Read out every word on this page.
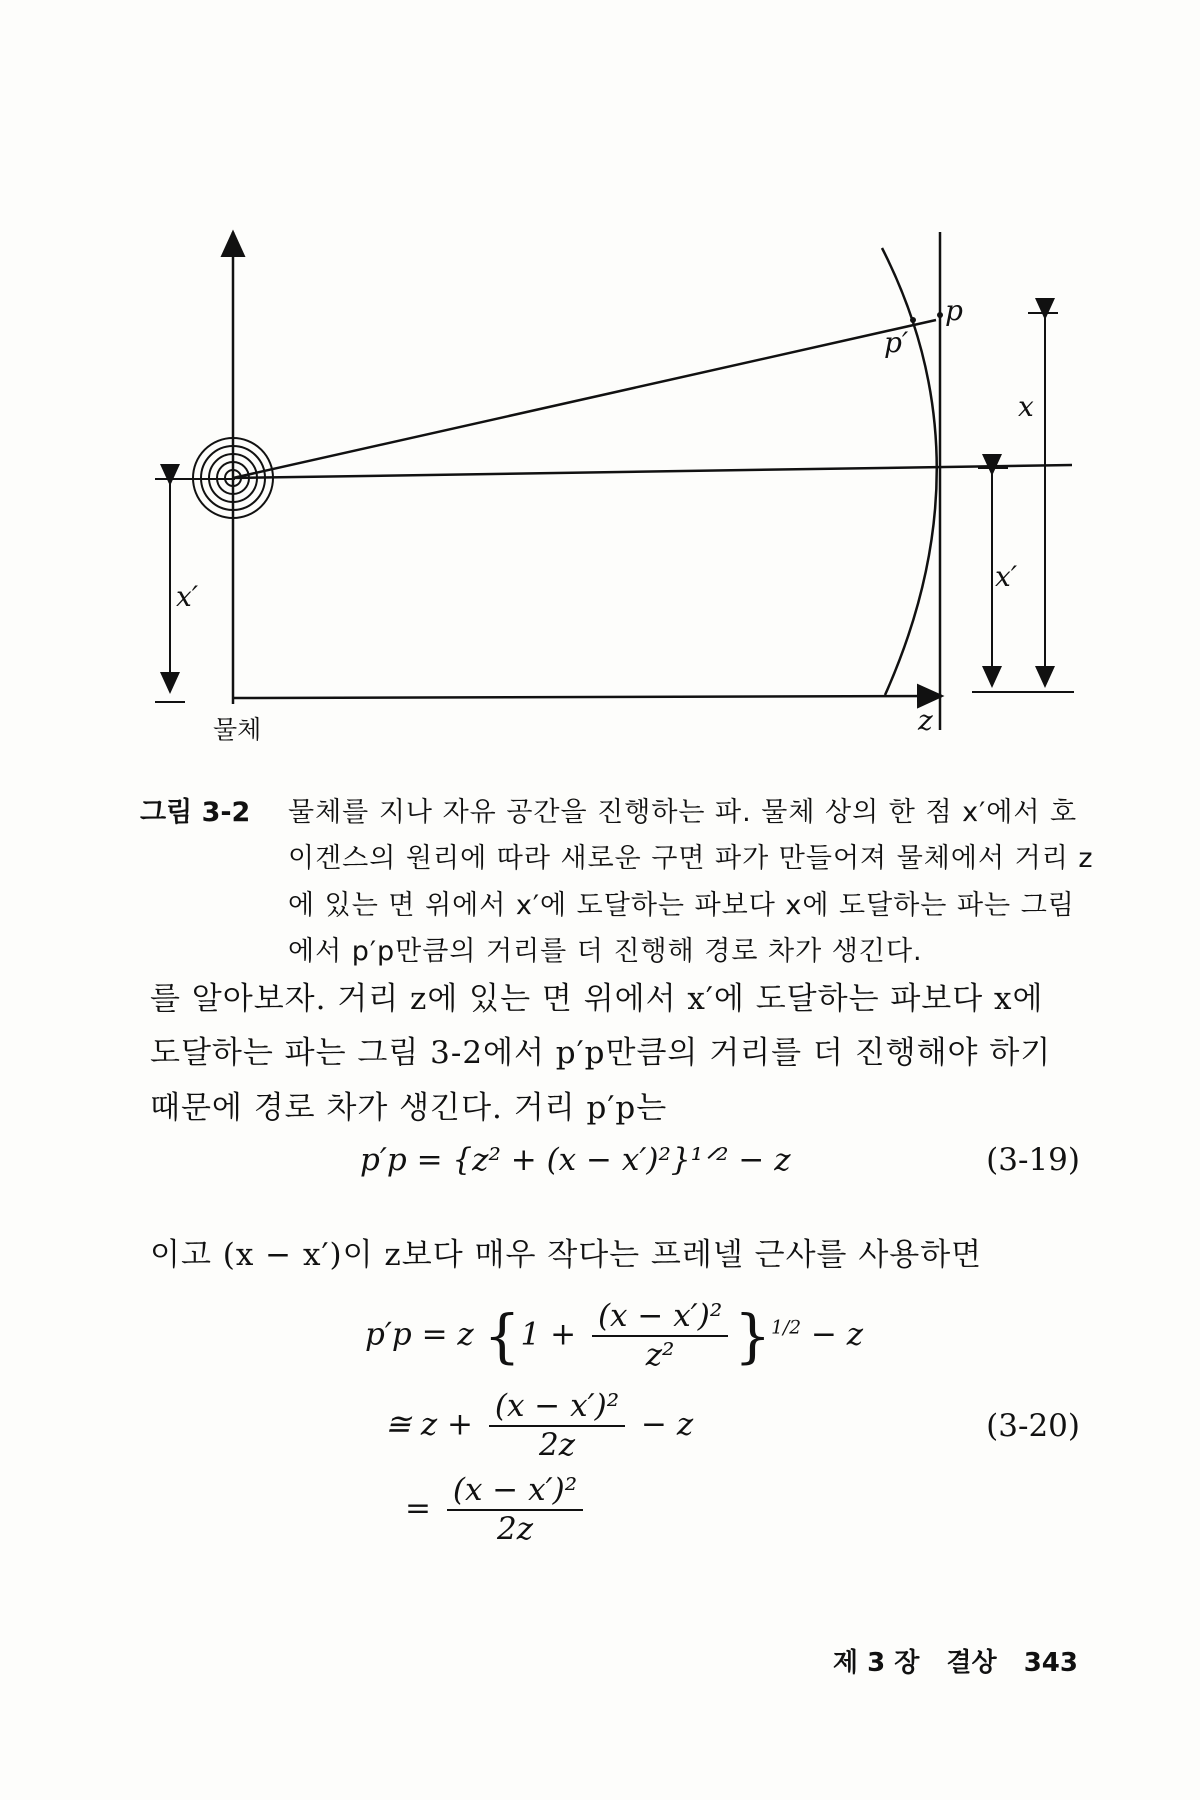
p
p′
x
x′
x′
z
물체
그림 3-2	물체를 지나 자유 공간을 진행하는 파. 물체 상의 한 점 x′에서 호이겐스의 원리에 따라 새로운 구면 파가 만들어져 물체에서 거리 z에 있는 면 위에서 x′에 도달하는 파보다 x에 도달하는 파는 그림에서 p′p만큼의 거리를 더 진행해 경로 차가 생긴다.
를 알아보자. 거리 z에 있는 면 위에서 x′에 도달하는 파보다 x에 도달하는 파는 그림 3-2에서 p′p만큼의 거리를 더 진행해야 하기 때문에 경로 차가 생긴다. 거리 p′p는
p′p = {z² + (x − x′)²}¹ᐟ² − z	(3-19)
이고 (x − x′)이 z보다 매우 작다는 프레넬 근사를 사용하면
p′p = z $\{1 + \frac{\text{(x − x′)²}}{\text{z²}} \}^{1/2} - z$
≅ $z + \frac{\text{(x − x′)²}}{2z} - z$
= $\frac{\text{(x − x′)²}}{2z}$
(3-20)
제 3 장 결상 343
